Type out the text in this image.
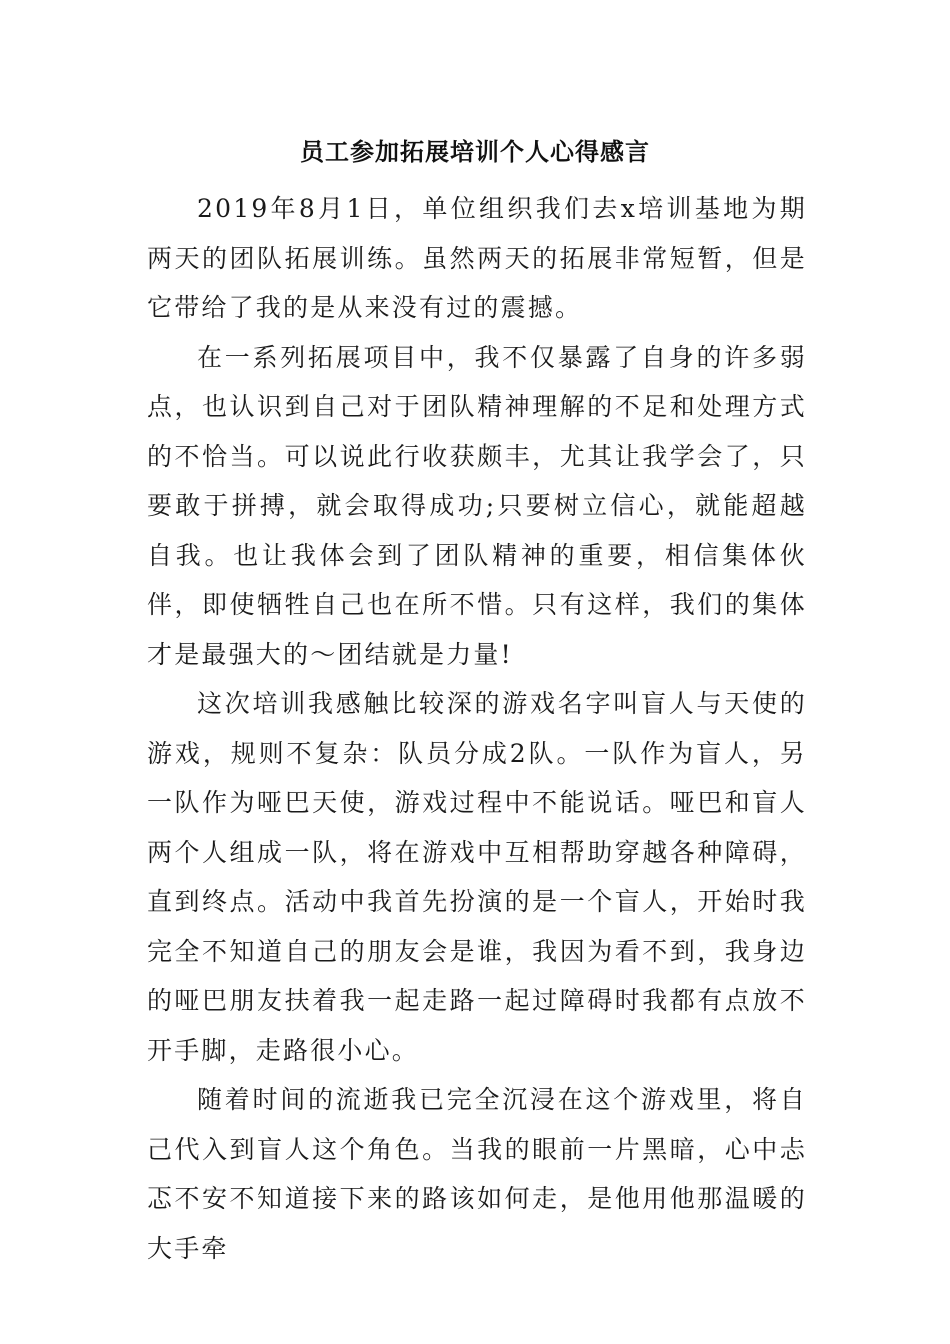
员工参加拓展培训个人心得感言

2019年8月1日，单位组织我们去x培训基地为期两天的团队拓展训练。虽然两天的拓展非常短暂，但是它带给了我的是从来没有过的震撼。

在一系列拓展项目中，我不仅暴露了自身的许多弱点，也认识到自己对于团队精神理解的不足和处理方式的不恰当。可以说此行收获颇丰，尤其让我学会了，只要敢于拼搏，就会取得成功;只要树立信心，就能超越自我。也让我体会到了团队精神的重要，相信集体伙伴，即使牺牲自己也在所不惜。只有这样，我们的集体才是最强大的～团结就是力量!

这次培训我感触比较深的游戏名字叫盲人与天使的游戏，规则不复杂：队员分成2队。一队作为盲人，另一队作为哑巴天使，游戏过程中不能说话。哑巴和盲人两个人组成一队，将在游戏中互相帮助穿越各种障碍，直到终点。活动中我首先扮演的是一个盲人，开始时我完全不知道自己的朋友会是谁，我因为看不到，我身边的哑巴朋友扶着我一起走路一起过障碍时我都有点放不开手脚，走路很小心。

随着时间的流逝我已完全沉浸在这个游戏里，将自己代入到盲人这个角色。当我的眼前一片黑暗，心中忐忑不安不知道接下来的路该如何走，是他用他那温暖的大手牵
